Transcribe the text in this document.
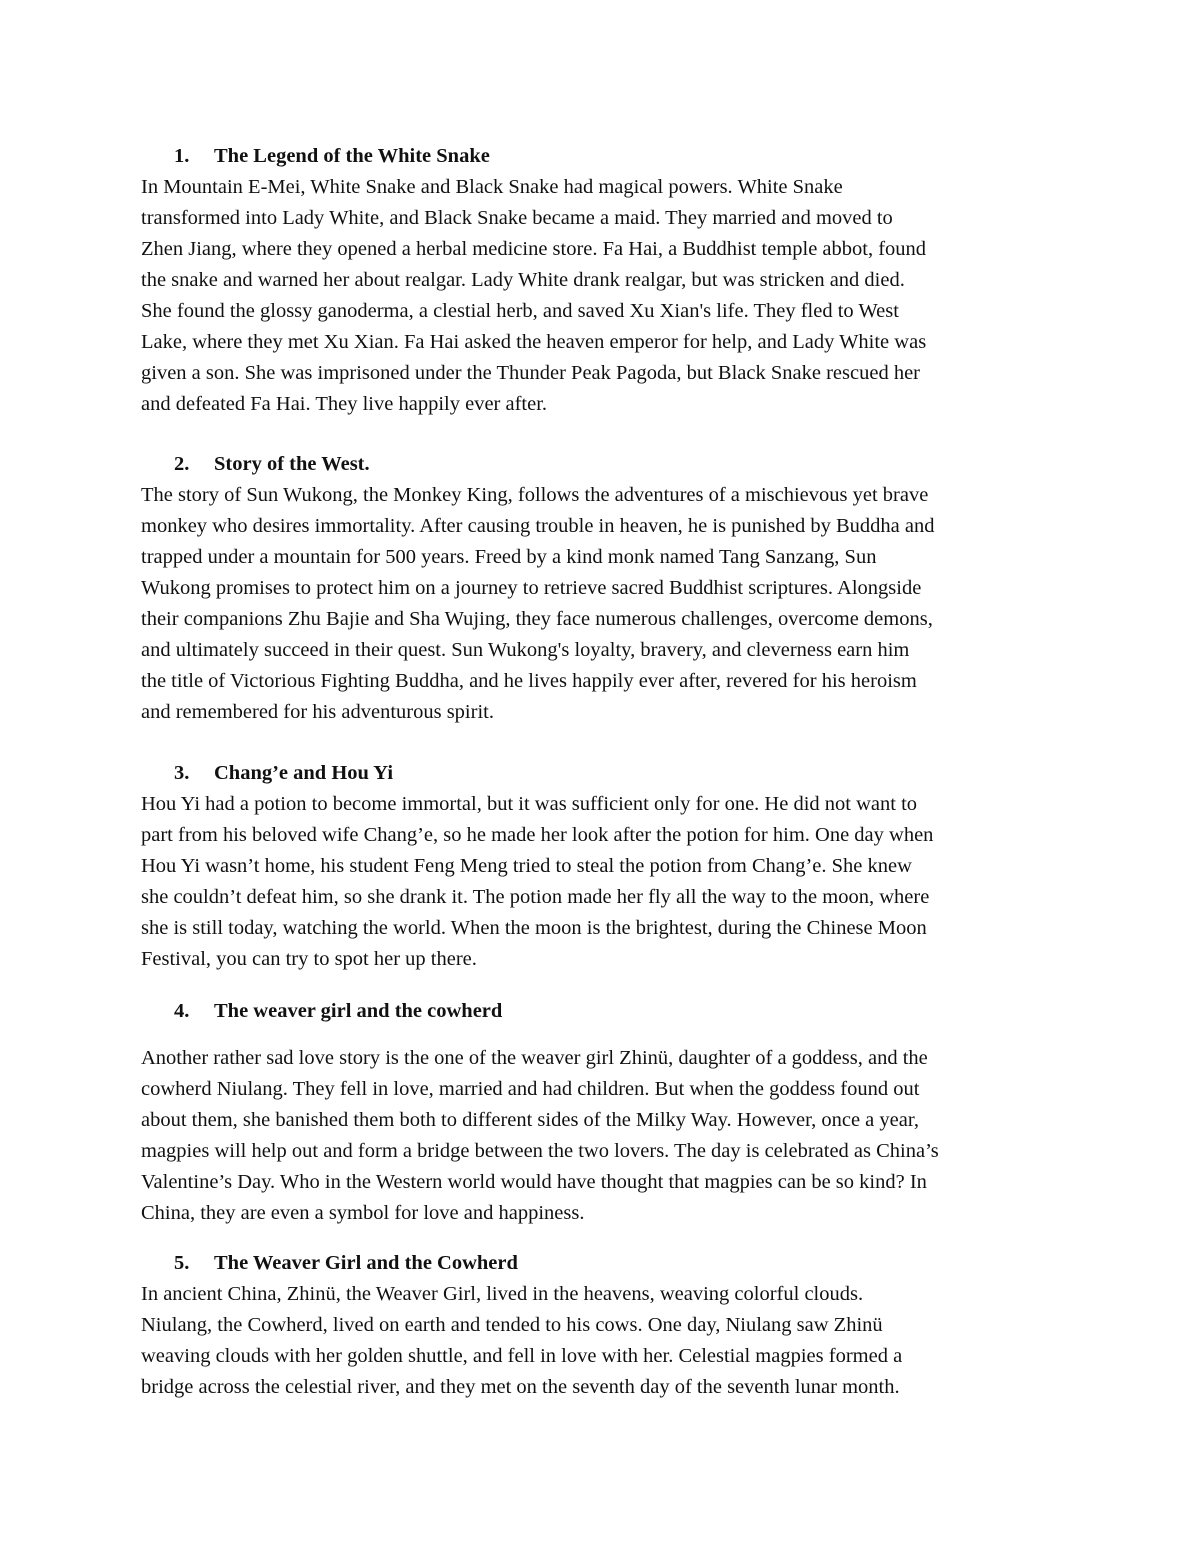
1. The Legend of the White Snake

In Mountain E-Mei, White Snake and Black Snake had magical powers. White Snake
transformed into Lady White, and Black Snake became a maid. They married and moved to
Zhen Jiang, where they opened a herbal medicine store. Fa Hai, a Buddhist temple abbot, found
the snake and warned her about realgar. Lady White drank realgar, but was stricken and died.
She found the glossy ganoderma, a clestial herb, and saved Xu Xian's life. They fled to West
Lake, where they met Xu Xian. Fa Hai asked the heaven emperor for help, and Lady White was
given a son. She was imprisoned under the Thunder Peak Pagoda, but Black Snake rescued her
and defeated Fa Hai. They live happily ever after.

2. Story of the West.

The story of Sun Wukong, the Monkey King, follows the adventures of a mischievous yet brave
monkey who desires immortality. After causing trouble in heaven, he is punished by Buddha and
trapped under a mountain for 500 years. Freed by a kind monk named Tang Sanzang, Sun
Wukong promises to protect him on a journey to retrieve sacred Buddhist scriptures. Alongside
their companions Zhu Bajie and Sha Wujing, they face numerous challenges, overcome demons,
and ultimately succeed in their quest. Sun Wukong's loyalty, bravery, and cleverness earn him
the title of Victorious Fighting Buddha, and he lives happily ever after, revered for his heroism
and remembered for his adventurous spirit.

3. Chang’e and Hou Yi

Hou Yi had a potion to become immortal, but it was sufficient only for one. He did not want to
part from his beloved wife Chang’e, so he made her look after the potion for him. One day when
Hou Yi wasn’t home, his student Feng Meng tried to steal the potion from Chang’e. She knew
she couldn’t defeat him, so she drank it. The potion made her fly all the way to the moon, where
she is still today, watching the world. When the moon is the brightest, during the Chinese Moon
Festival, you can try to spot her up there.

4. The weaver girl and the cowherd

Another rather sad love story is the one of the weaver girl Zhinü, daughter of a goddess, and the
cowherd Niulang. They fell in love, married and had children. But when the goddess found out
about them, she banished them both to different sides of the Milky Way. However, once a year,
magpies will help out and form a bridge between the two lovers. The day is celebrated as China’s
Valentine’s Day. Who in the Western world would have thought that magpies can be so kind? In
China, they are even a symbol for love and happiness.

5. The Weaver Girl and the Cowherd

In ancient China, Zhinü, the Weaver Girl, lived in the heavens, weaving colorful clouds.
Niulang, the Cowherd, lived on earth and tended to his cows. One day, Niulang saw Zhinü
weaving clouds with her golden shuttle, and fell in love with her. Celestial magpies formed a
bridge across the celestial river, and they met on the seventh day of the seventh lunar month.
